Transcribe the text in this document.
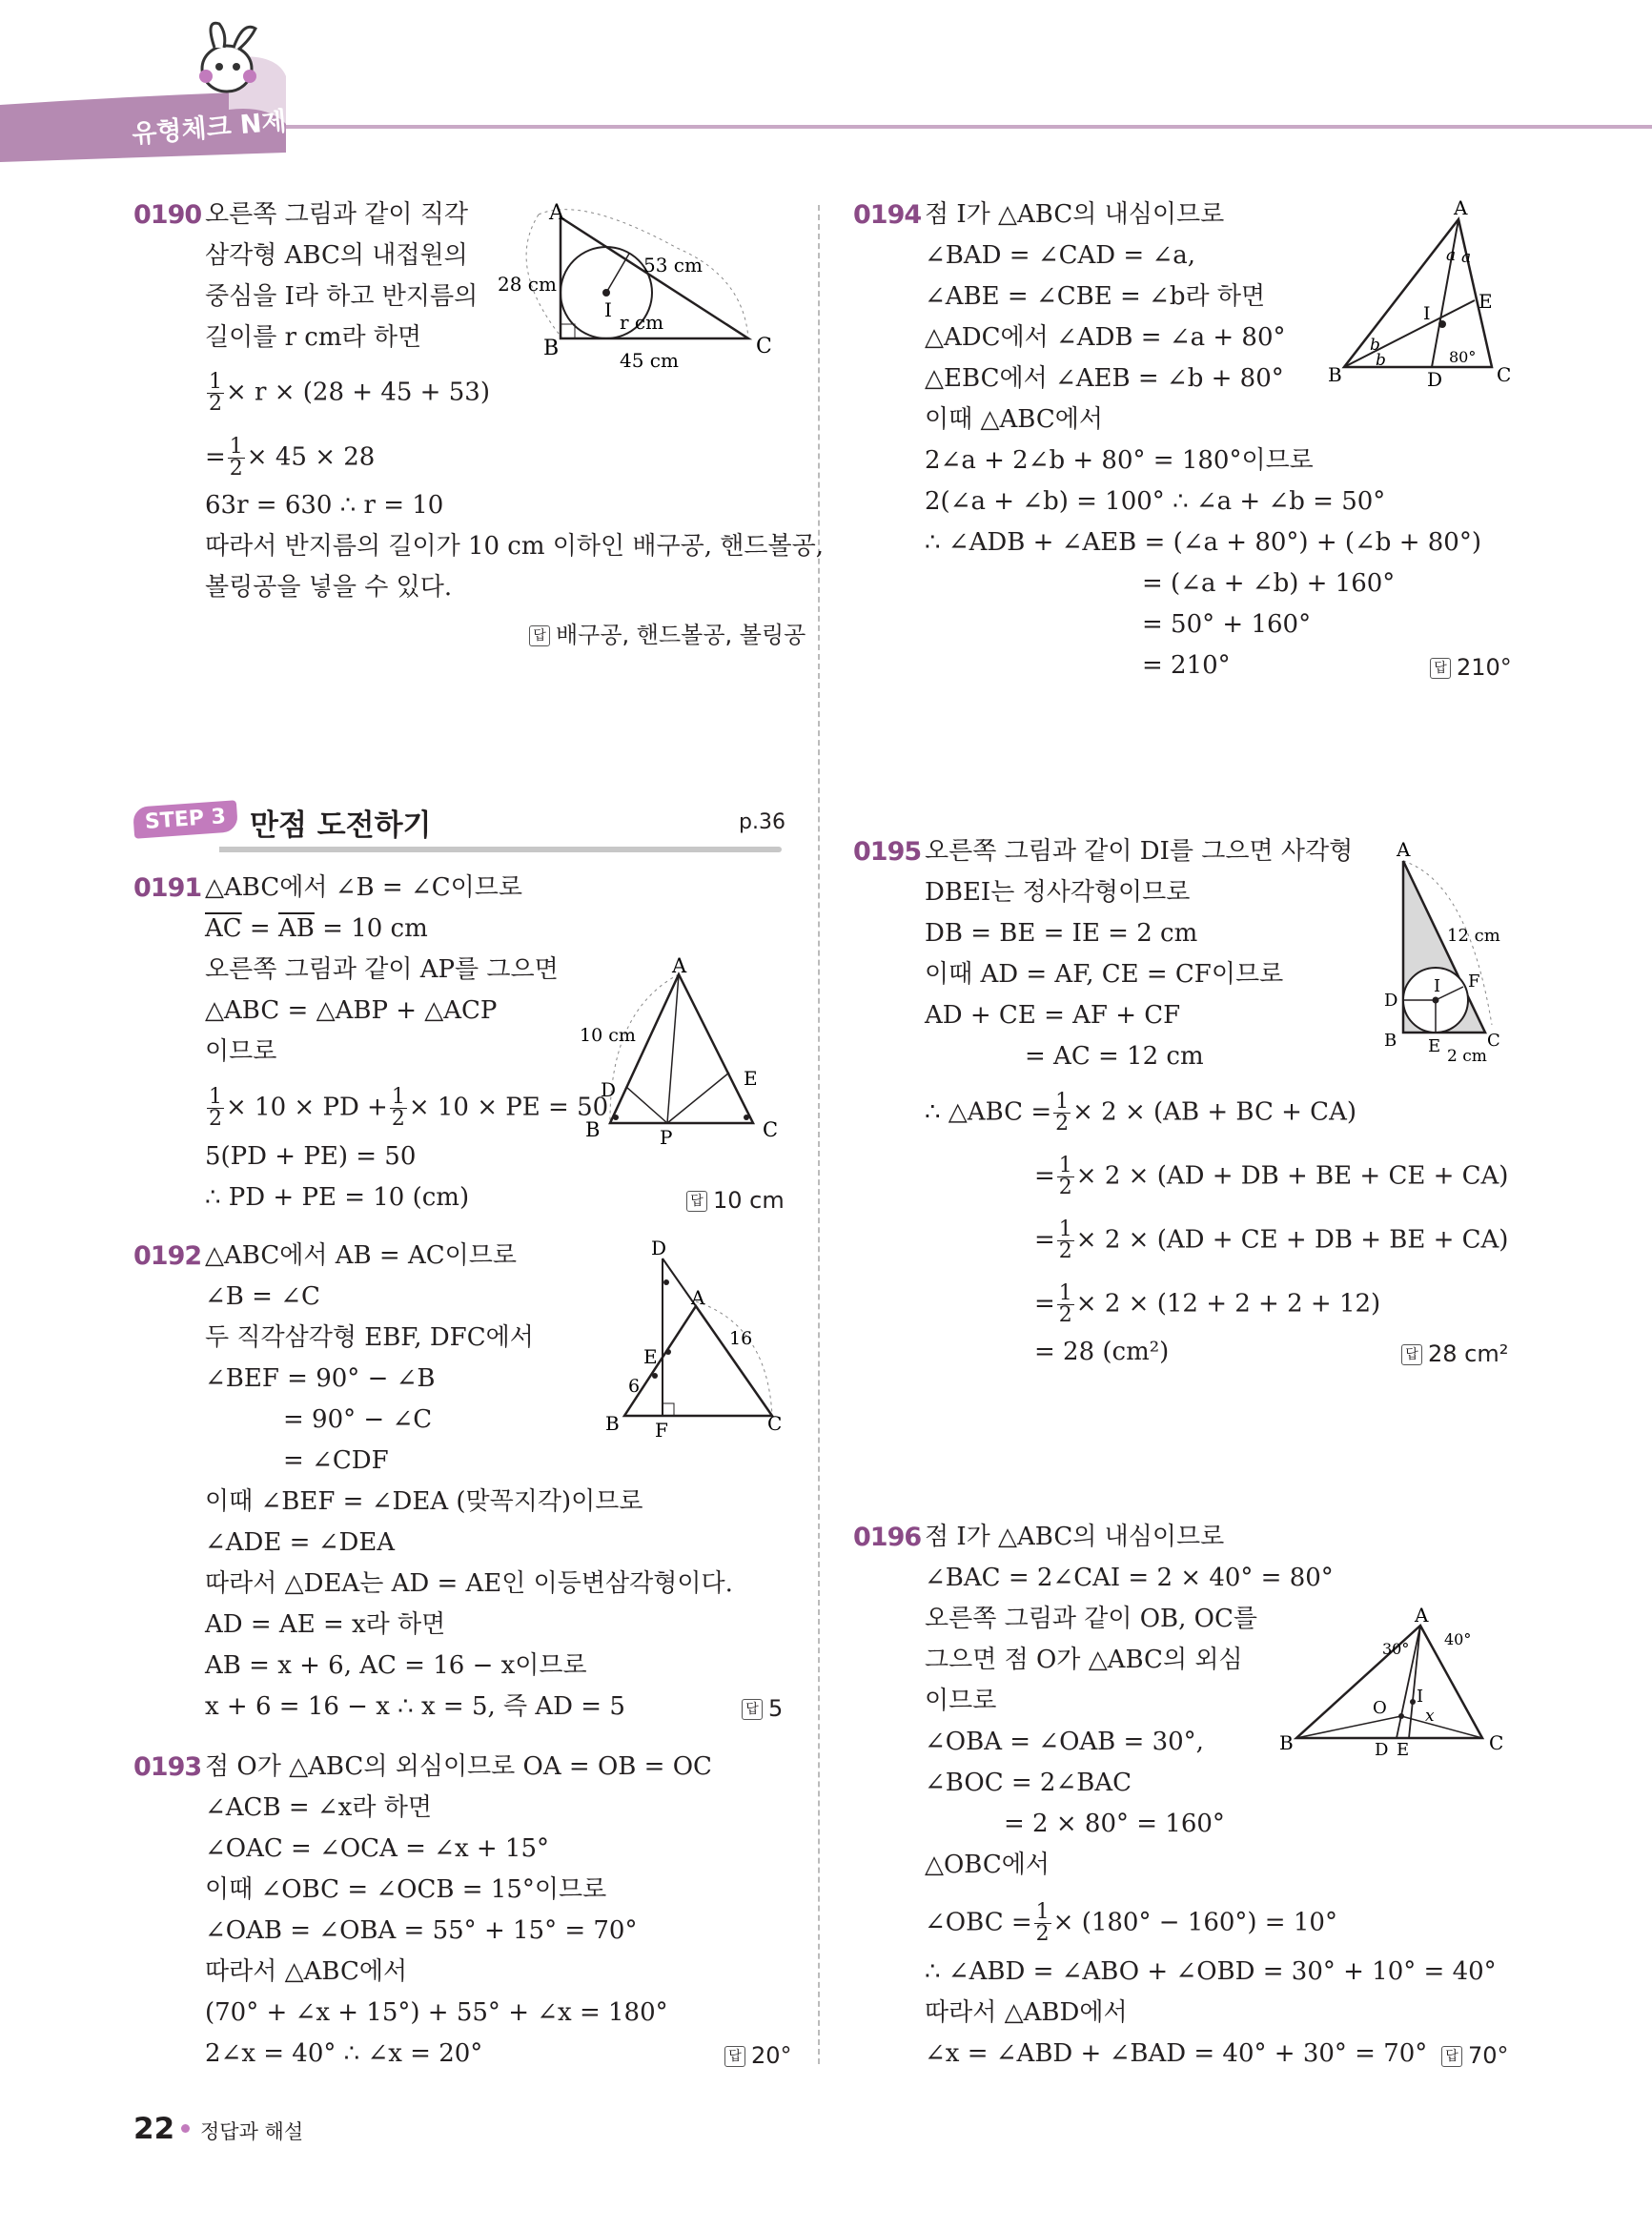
유형체크 N제
0190 오른쪽 그림과 같이 직각
삼각형 ABC의 내접원의
중심을 I라 하고 반지름의
길이를 r cm라 하면
$\frac{1}{2} \times r \times (28 + 45 + 53)$
= $\frac{1}{2} \times 45 \times 28$
63r = 630 ∴ r = 10
따라서 반지름의 길이가 10 cm 이하인 배구공, 핸드볼공,
볼링공을 넣을 수 있다.
답 배구공, 핸드볼공, 볼링공
A
B	C
I
28 cm
53 cm
45 cm
r cm
STEP 3 만점 도전하기	p.36
0191 △ABC에서 ∠B = ∠C이므로
$\overline{AC} = \overline{AB} = 10$ cm
오른쪽 그림과 같이 AP를 그으면
△ABC = △ABP + △ACP
이므로
$\frac{1}{2} \times 10$ × PD + $\frac{1}{2} \times 10$ × PE = 50
5(PD + PE) = 50
∴ PD + PE = 10 (cm)	답 10 cm
A
B	C
D	E
P
10 cm
0192 △ABC에서 AB = AC이므로
∠B = ∠C
두 직각삼각형 EBF, DFC에서
∠BEF = 90° − ∠B
= 90° − ∠C
= ∠CDF
이때 ∠BEF = ∠DEA (맞꼭지각)이므로
∠ADE = ∠DEA
따라서 △DEA는 AD = AE인 이등변삼각형이다.
AD = AE = x라 하면
AB = x + 6, AC = 16 − x이므로
x + 6 = 16 − x ∴ x = 5, 즉 AD = 5	답 5
D
A
E
6
16
B F	C
0193 점 O가 △ABC의 외심이므로 OA = OB = OC
∠ACB = ∠x라 하면
∠OAC = ∠OCA = ∠x + 15°
이때 ∠OBC = ∠OCB = 15°이므로
∠OAB = ∠OBA = 55° + 15° = 70°
따라서 △ABC에서
(70° + ∠x + 15°) + 55° + ∠x = 180°
2∠x = 40° ∴ ∠x = 20°	답 20°
0194 점 I가 △ABC의 내심이므로
∠BAD = ∠CAD = ∠a,
∠ABE = ∠CBE = ∠b라 하면
△ADC에서 ∠ADB = ∠a + 80°
△EBC에서 ∠AEB = ∠b + 80°
이때 △ABC에서
2∠a + 2∠b + 80° = 180°이므로
2(∠a + ∠b) = 100° ∴ ∠a + ∠b = 50°
∴ ∠ADB + ∠AEB = (∠a + 80°) + (∠b + 80°)
= (∠a + ∠b) + 160°
= 50° + 160°
= 210°	답 210°
A
B	D	C
E
I
a a
b
b	80°
0195 오른쪽 그림과 같이 DI를 그으면 사각형
DBEI는 정사각형이므로
DB = BE = IE = 2 cm
이때 AD = AF, CE = CF이므로
AD + CE = AF + CF
= AC = 12 cm
∴ △ABC = $\frac{1}{2} \times 2 \times (AB$ + BC + CA)
= $\frac{1}{2} \times 2 \times (AD$ + DB + BE + CE + CA)
= $\frac{1}{2} \times 2 \times (AD$ + CE + DB + BE + CA)
= $\frac{1}{2} \times 2 \times (12 + 2 + 2 + 12)$
= 28 (cm²)	답 28 cm²
A
12 cm
I F
D
B E	C
2 cm
0196 점 I가 △ABC의 내심이므로
∠BAC = 2∠CAI = 2 × 40° = 80°
오른쪽 그림과 같이 OB, OC를
그으면 점 O가 △ABC의 외심
이므로
∠OBA = ∠OAB = 30°,
∠BOC = 2∠BAC
= 2 × 80° = 160°
△OBC에서
∠OBC = $\frac{1}{2} \times (180^\circ - 160^\circ) = 10^\circ$
∴ ∠ABD = ∠ABO + ∠OBD = 30° + 10° = 40°
따라서 △ABD에서
∠x = ∠ABD + ∠BAD = 40° + 30° = 70°	답 70°
A
B	C
D E
I
O x
30°
40°
22 정답과 해설
